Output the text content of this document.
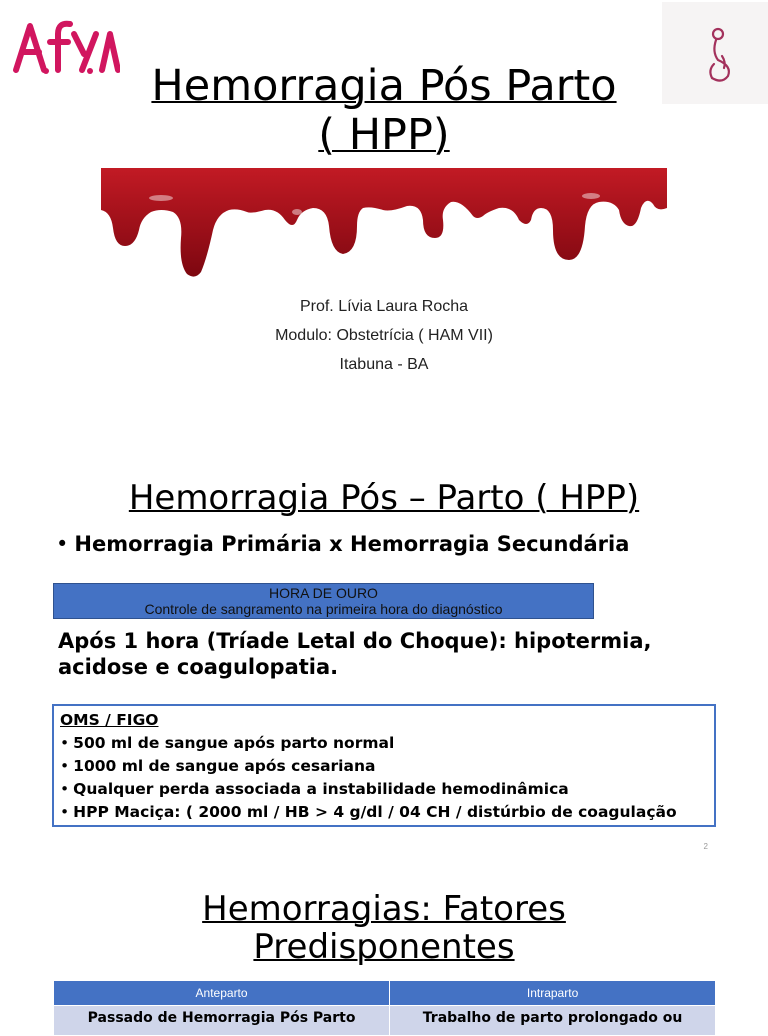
Hemorragia Pós Parto
( HPP)
Prof. Lívia Laura Rocha
Modulo: Obstetrícia ( HAM VII)
Itabuna - BA
Hemorragia Pós – Parto ( HPP)
• Hemorragia Primária x Hemorragia Secundária
HORA DE OURO
Controle de sangramento na primeira hora do diagnóstico
Após 1 hora (Tríade Letal do Choque): hipotermia, acidose e coagulopatia.
OMS / FIGO
• 500 ml de sangue após parto normal
• 1000 ml de sangue após cesariana
• Qualquer perda associada a instabilidade hemodinâmica
• HPP Maciça: ( 2000 ml / HB > 4 g/dl / 04 CH / distúrbio de coagulação
2
Hemorragias: Fatores
Predisponentes
Anteparto	Intraparto
Passado de Hemorragia Pós Parto	Trabalho de parto prolongado ou
